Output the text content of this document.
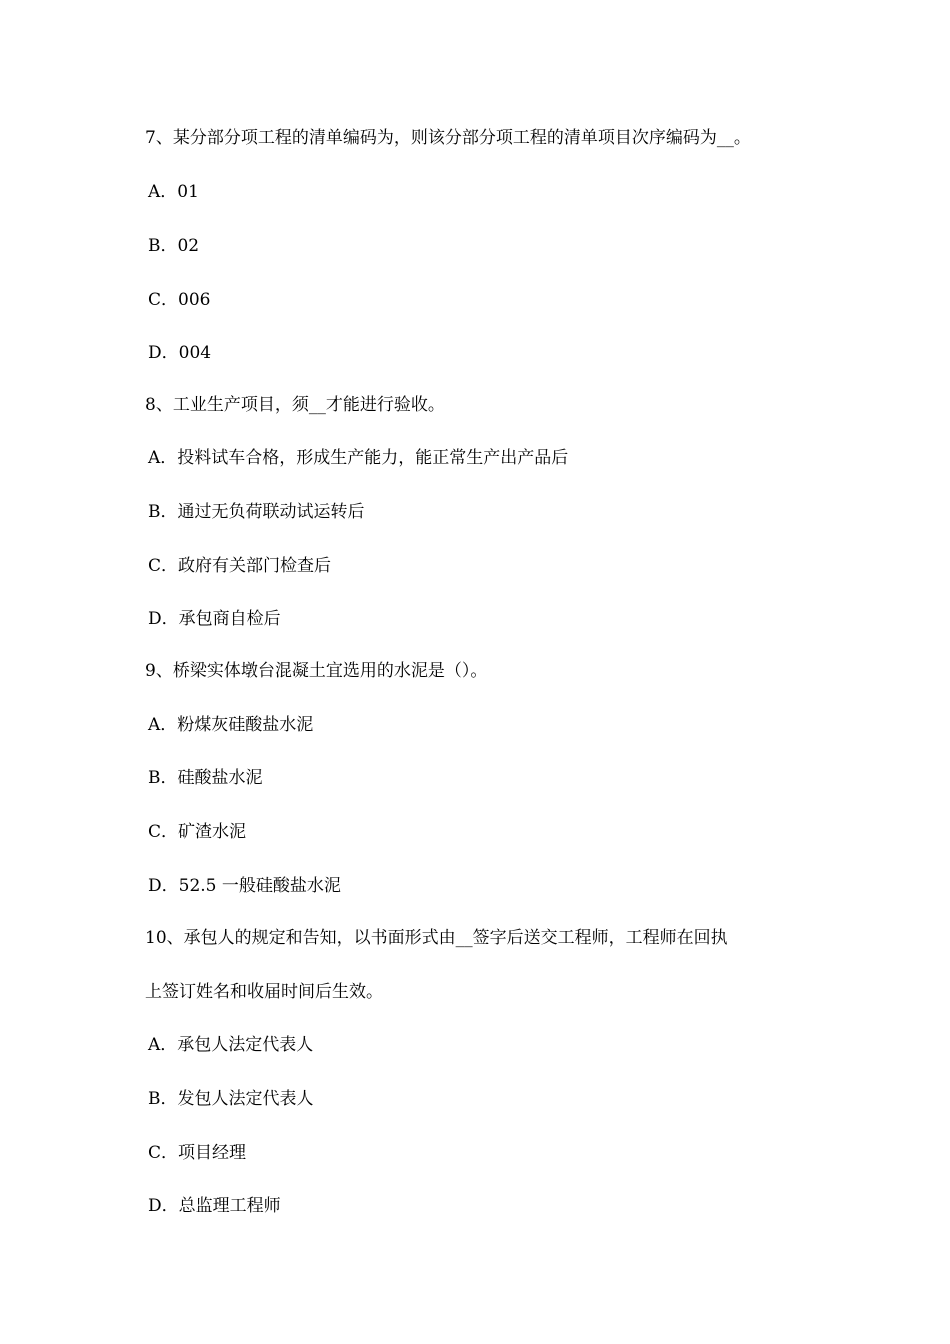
7、某分部分项工程的清单编码为，则该分部分项工程的清单项目次序编码为__。
A．01
B．02
C．006
D．004
8、工业生产项目，须__才能进行验收。
A．投料试车合格，形成生产能力，能正常生产出产品后
B．通过无负荷联动试运转后
C．政府有关部门检查后
D．承包商自检后
9、桥梁实体墩台混凝土宜选用的水泥是（）。
A．粉煤灰硅酸盐水泥
B．硅酸盐水泥
C．矿渣水泥
D．52.5 一般硅酸盐水泥
10、承包人的规定和告知，以书面形式由__签字后送交工程师，工程师在回执
上签订姓名和收届时间后生效。
A．承包人法定代表人
B．发包人法定代表人
C．项目经理
D．总监理工程师
